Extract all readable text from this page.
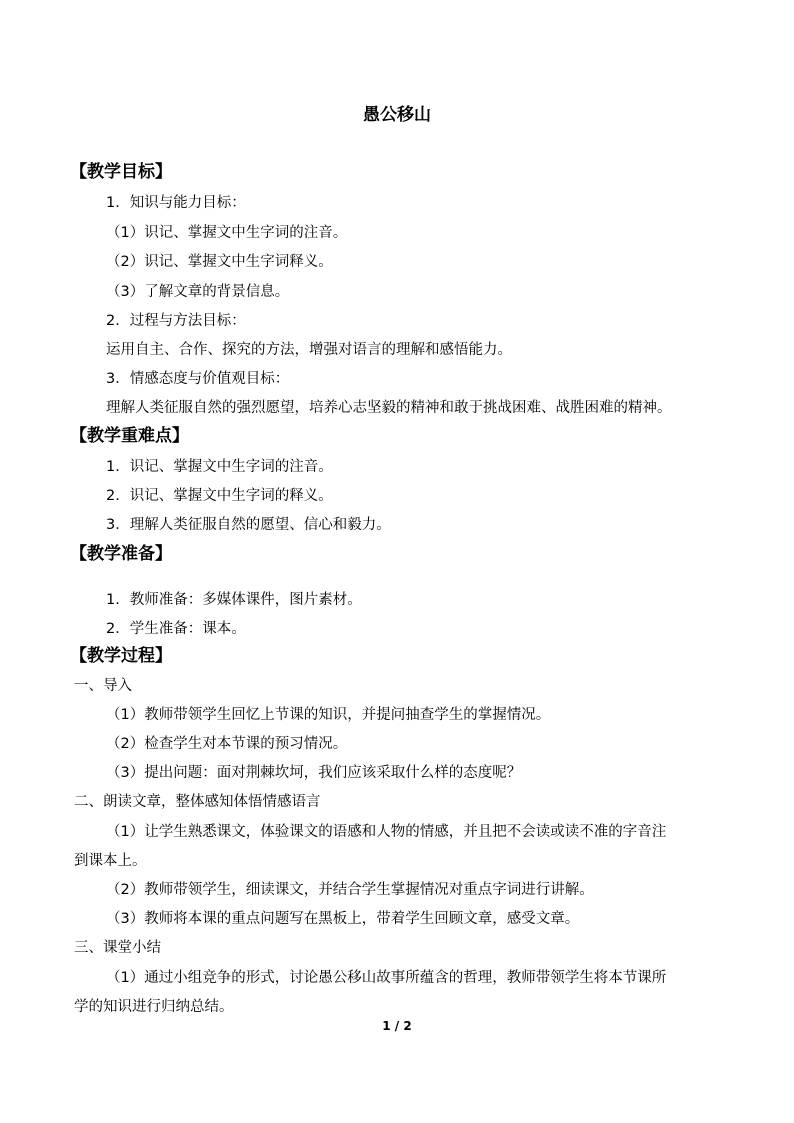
愚公移山
【教学目标】
1．知识与能力目标：
（1）识记、掌握文中生字词的注音。
（2）识记、掌握文中生字词释义。
（3）了解文章的背景信息。
2．过程与方法目标：
运用自主、合作、探究的方法，增强对语言的理解和感悟能力。
3．情感态度与价值观目标：
理解人类征服自然的强烈愿望，培养心志坚毅的精神和敢于挑战困难、战胜困难的精神。
【教学重难点】
1．识记、掌握文中生字词的注音。
2．识记、掌握文中生字词的释义。
3．理解人类征服自然的愿望、信心和毅力。
【教学准备】
1．教师准备：多媒体课件，图片素材。
2．学生准备：课本。
【教学过程】
一、导入
（1）教师带领学生回忆上节课的知识，并提问抽查学生的掌握情况。
（2）检查学生对本节课的预习情况。
（3）提出问题：面对荆棘坎坷，我们应该采取什么样的态度呢？
二、朗读文章，整体感知体悟情感语言
（1）让学生熟悉课文，体验课文的语感和人物的情感，并且把不会读或读不准的字音注
到课本上。
（2）教师带领学生，细读课文，并结合学生掌握情况对重点字词进行讲解。
（3）教师将本课的重点问题写在黑板上，带着学生回顾文章，感受文章。
三、课堂小结
（1）通过小组竞争的形式，讨论愚公移山故事所蕴含的哲理，教师带领学生将本节课所
学的知识进行归纳总结。
1 / 2
